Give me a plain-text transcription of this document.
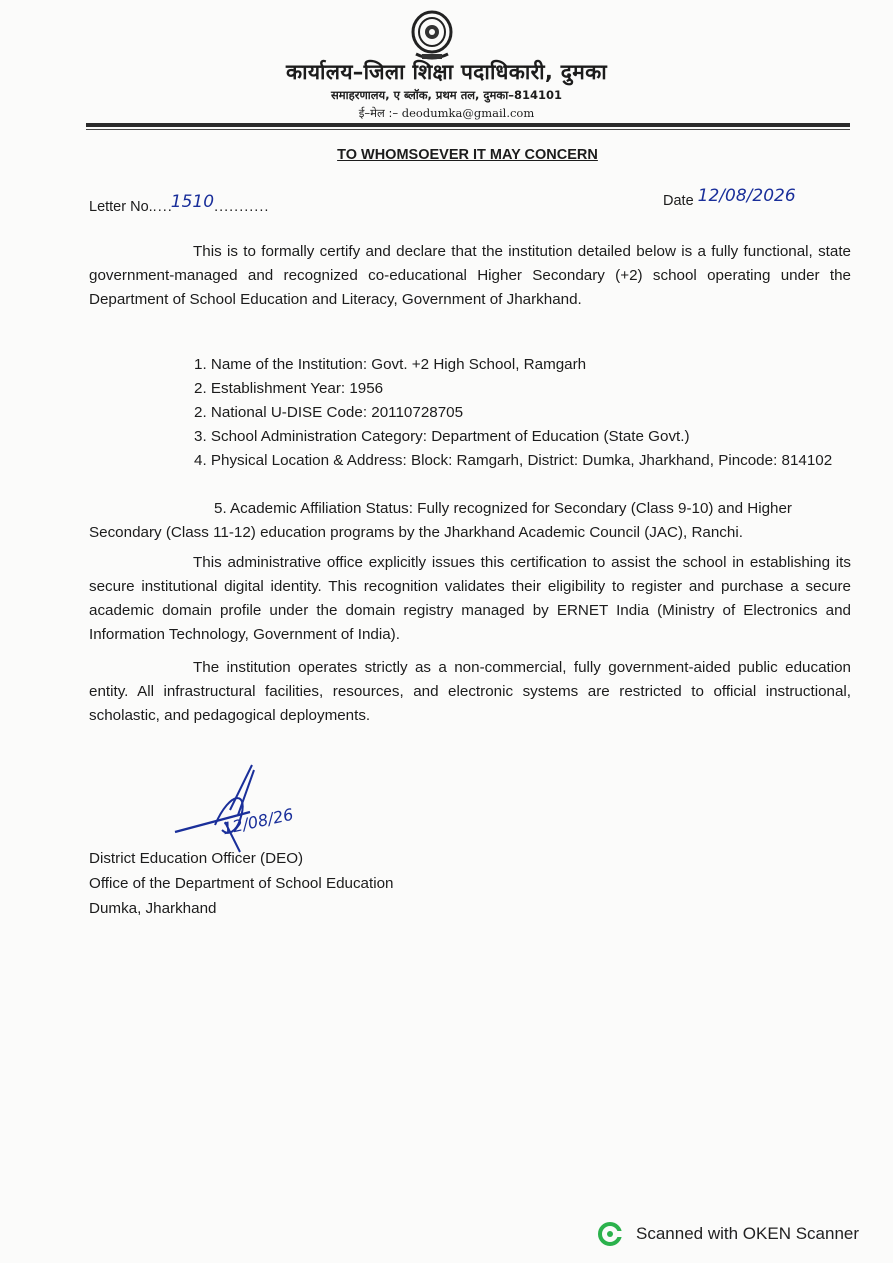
कार्यालय–जिला शिक्षा पदाधिकारी, दुमका
समाहरणालय, ए ब्लॉक, प्रथम तल, दुमका–814101
ई–मेल :– deodumka@gmail.com
TO WHOMSOEVER IT MAY CONCERN
Letter No.....1510...........	Date 12/08/2026
This is to formally certify and declare that the institution detailed below is a fully functional, state government-managed and recognized co-educational Higher Secondary (+2) school operating under the Department of School Education and Literacy, Government of Jharkhand.
1. Name of the Institution: Govt. +2 High School, Ramgarh
2. Establishment Year: 1956
2. National U-DISE Code: 20110728705
3. School Administration Category: Department of Education (State Govt.)
4. Physical Location & Address: Block: Ramgarh, District: Dumka, Jharkhand, Pincode: 814102
5. Academic Affiliation Status: Fully recognized for Secondary (Class 9-10) and Higher Secondary (Class 11-12) education programs by the Jharkhand Academic Council (JAC), Ranchi.
This administrative office explicitly issues this certification to assist the school in establishing its secure institutional digital identity. This recognition validates their eligibility to register and purchase a secure academic domain profile under the domain registry managed by ERNET India (Ministry of Electronics and Information Technology, Government of India).
The institution operates strictly as a non-commercial, fully government-aided public education entity. All infrastructural facilities, resources, and electronic systems are restricted to official instructional, scholastic, and pedagogical deployments.
12/08/26
District Education Officer (DEO)
Office of the Department of School Education
Dumka, Jharkhand
Scanned with OKEN Scanner
